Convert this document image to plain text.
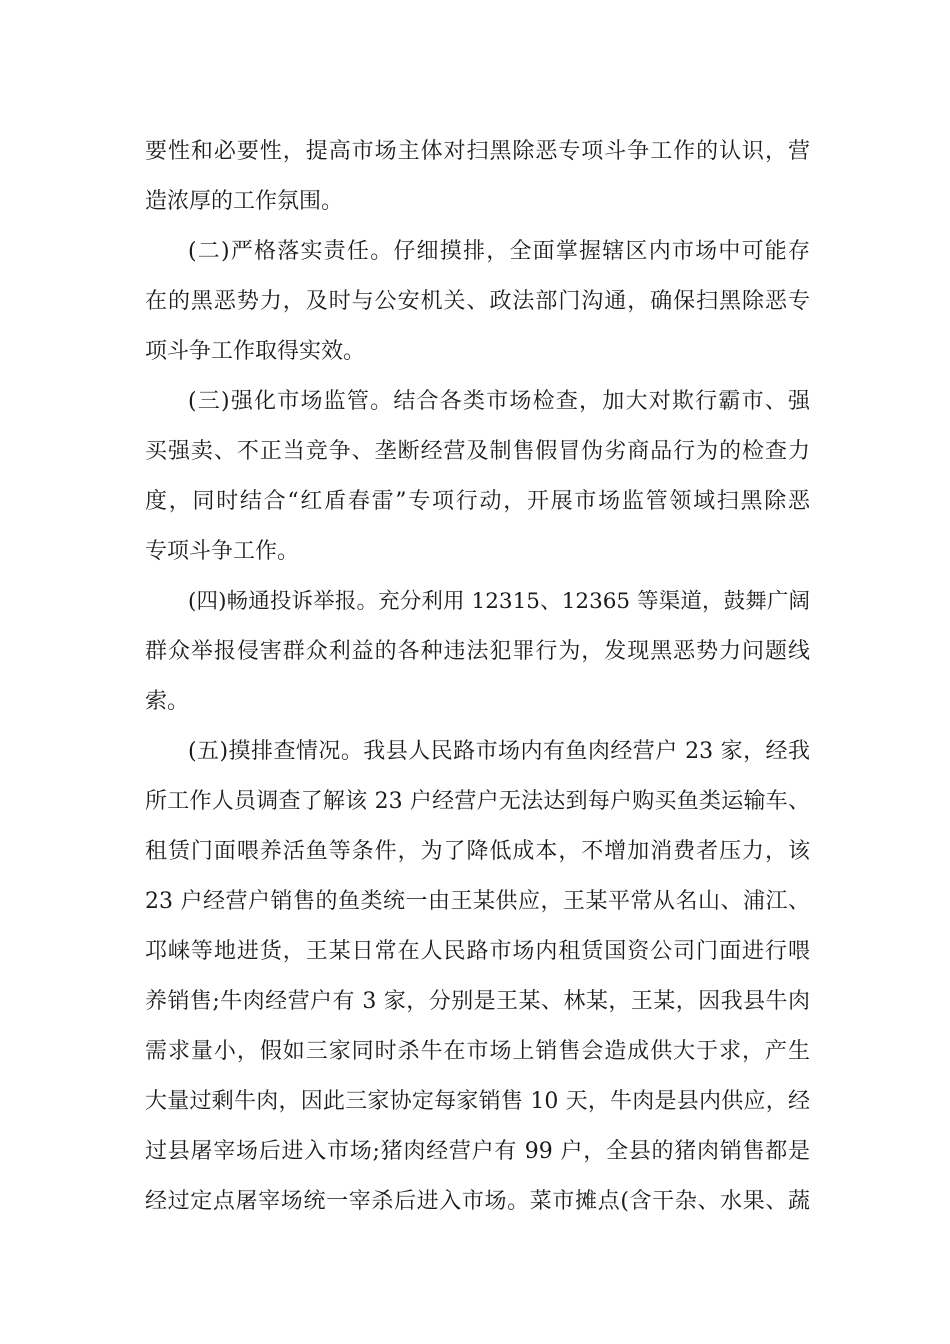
要性和必要性，提高市场主体对扫黑除恶专项斗争工作的认识，营
造浓厚的工作氛围。
(二)严格落实责任。仔细摸排，全面掌握辖区内市场中可能存
在的黑恶势力，及时与公安机关、政法部门沟通，确保扫黑除恶专
项斗争工作取得实效。
(三)强化市场监管。结合各类市场检查，加大对欺行霸市、强
买强卖、不正当竞争、垄断经营及制售假冒伪劣商品行为的检查力
度，同时结合“红盾春雷”专项行动，开展市场监管领域扫黑除恶
专项斗争工作。
(四)畅通投诉举报。充分利用 12315、12365 等渠道，鼓舞广阔
群众举报侵害群众利益的各种违法犯罪行为，发现黑恶势力问题线
索。
(五)摸排查情况。我县人民路市场内有鱼肉经营户 23 家，经我
所工作人员调查了解该 23 户经营户无法达到每户购买鱼类运输车、
租赁门面喂养活鱼等条件，为了降低成本，不增加消费者压力，该
23 户经营户销售的鱼类统一由王某供应，王某平常从名山、浦江、
邛崃等地进货，王某日常在人民路市场内租赁国资公司门面进行喂
养销售;牛肉经营户有 3 家，分别是王某、林某，王某，因我县牛肉
需求量小，假如三家同时杀牛在市场上销售会造成供大于求，产生
大量过剩牛肉，因此三家协定每家销售 10 天，牛肉是县内供应，经
过县屠宰场后进入市场;猪肉经营户有 99 户，全县的猪肉销售都是
经过定点屠宰场统一宰杀后进入市场。菜市摊点(含干杂、水果、蔬
